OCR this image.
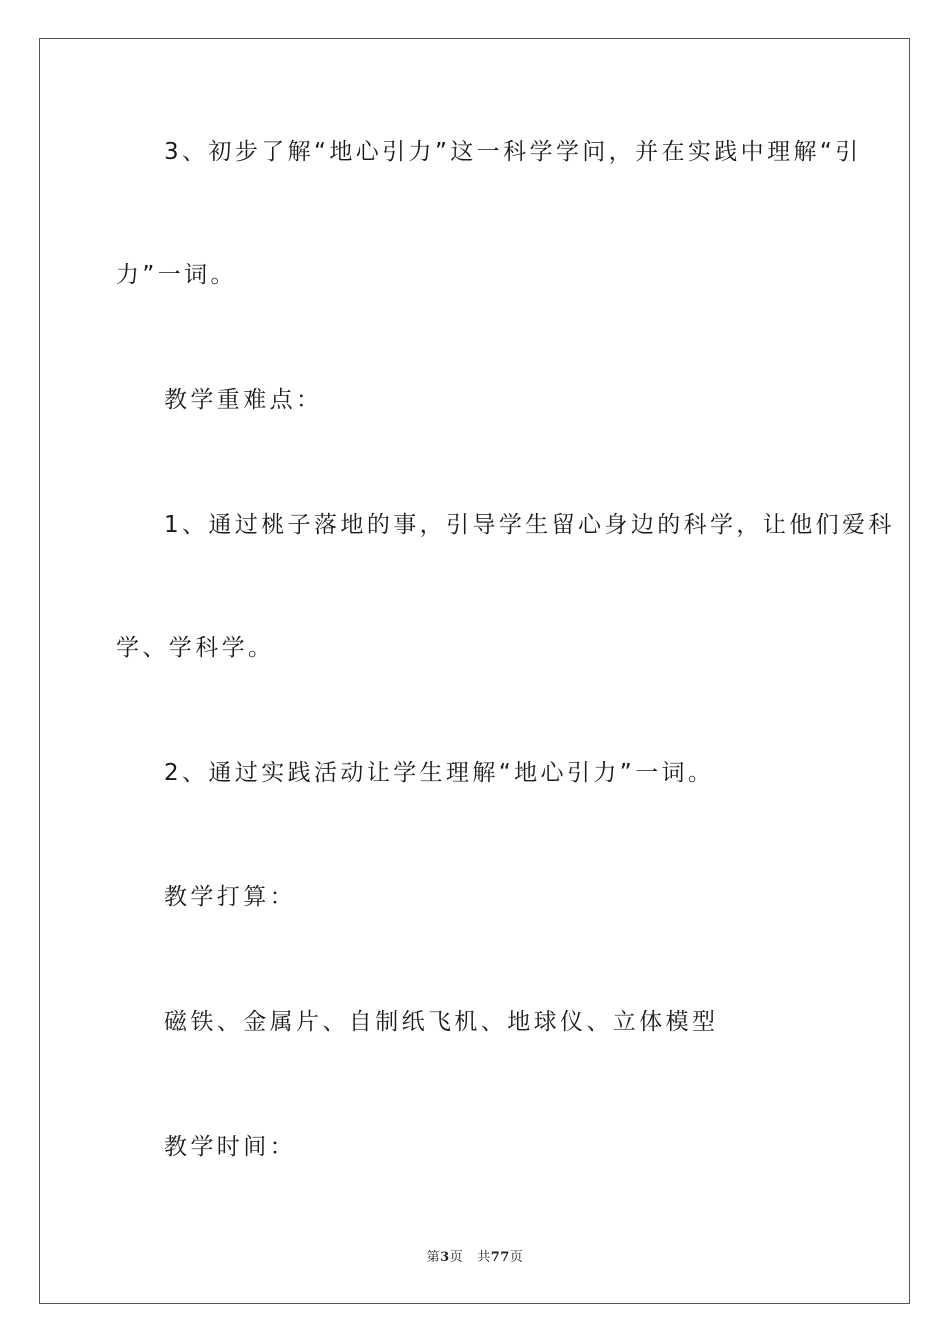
3、初步了解“地心引力”这一科学学问，并在实践中理解“引
力”一词。
教学重难点：
1、通过桃子落地的事，引导学生留心身边的科学，让他们爱科
学、学科学。
2、通过实践活动让学生理解“地心引力”一词。
教学打算：
磁铁、金属片、自制纸飞机、地球仪、立体模型
教学时间：
第3页 共77页
